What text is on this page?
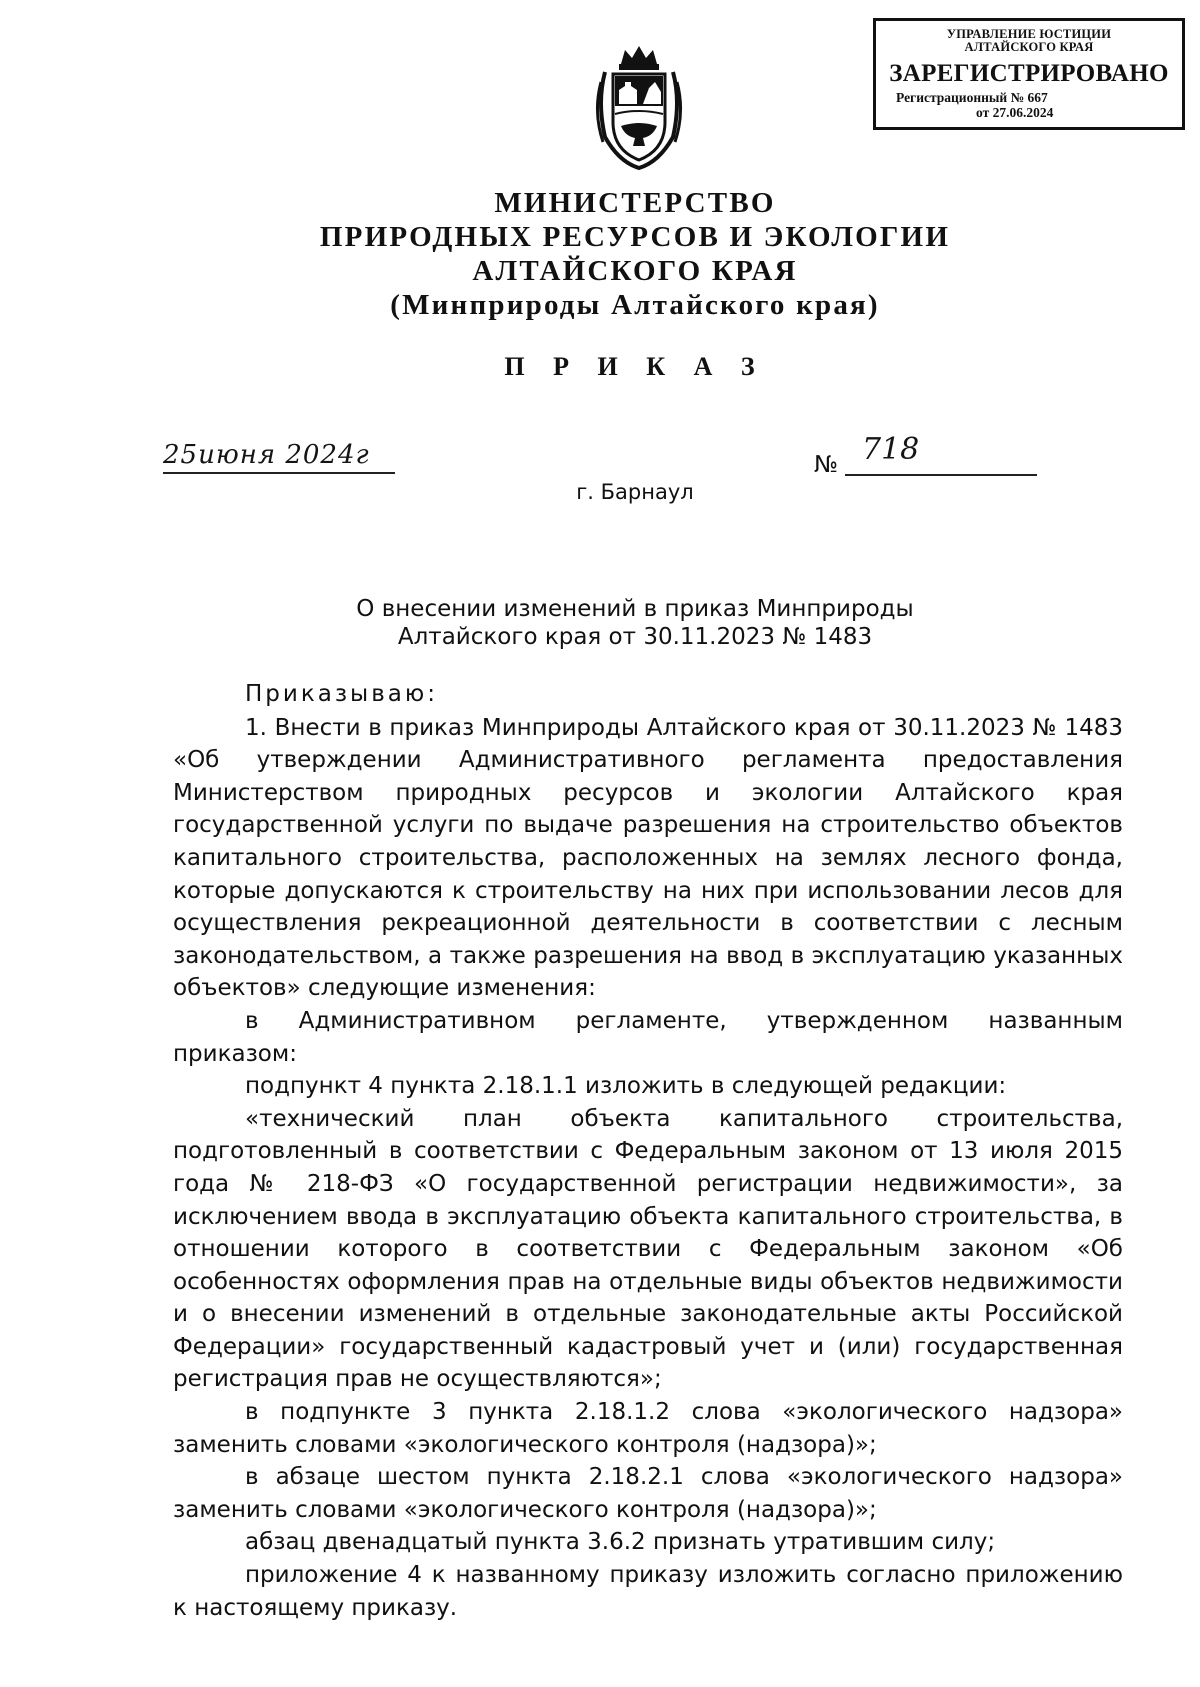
УПРАВЛЕНИЕ ЮСТИЦИИ
АЛТАЙСКОГО КРАЯ
ЗАРЕГИСТРИРОВАНО
Регистрационный № 667
от 27.06.2024
МИНИСТЕРСТВО
ПРИРОДНЫХ РЕСУРСОВ И ЭКОЛОГИИ
АЛТАЙСКОГО КРАЯ
(Минприроды Алтайского края)
П Р И К А З
25июня 2024г	№ 718
г. Барнаул
О внесении изменений в приказ Минприроды
Алтайского края от 30.11.2023 № 1483

Приказываю:

1. Внести в приказ Минприроды Алтайского края от 30.11.2023 № 1483 «Об утверждении Административного регламента предоставления Министерством природных ресурсов и экологии Алтайского края государственной услуги по выдаче разрешения на строительство объектов капитального строительства, расположенных на землях лесного фонда, которые допускаются к строительству на них при использовании лесов для осуществления рекреационной деятельности в соответствии с лесным законодательством, а также разрешения на ввод в эксплуатацию указанных объектов» следующие изменения:

в Административном регламенте, утвержденном названным приказом:

подпункт 4 пункта 2.18.1.1 изложить в следующей редакции:

«технический план объекта капитального строительства, подготовленный в соответствии с Федеральным законом от 13 июля 2015 года № 218-ФЗ «О государственной регистрации недвижимости», за исключением ввода в эксплуатацию объекта капитального строительства, в отношении которого в соответствии с Федеральным законом «Об особенностях оформления прав на отдельные виды объектов недвижимости и о внесении изменений в отдельные законодательные акты Российской Федерации» государственный кадастровый учет и (или) государственная регистрация прав не осуществляются»;

в подпункте 3 пункта 2.18.1.2 слова «экологического надзора» заменить словами «экологического контроля (надзора)»;

в абзаце шестом пункта 2.18.2.1 слова «экологического надзора» заменить словами «экологического контроля (надзора)»;

абзац двенадцатый пункта 3.6.2 признать утратившим силу;

приложение 4 к названному приказу изложить согласно приложению к настоящему приказу.
